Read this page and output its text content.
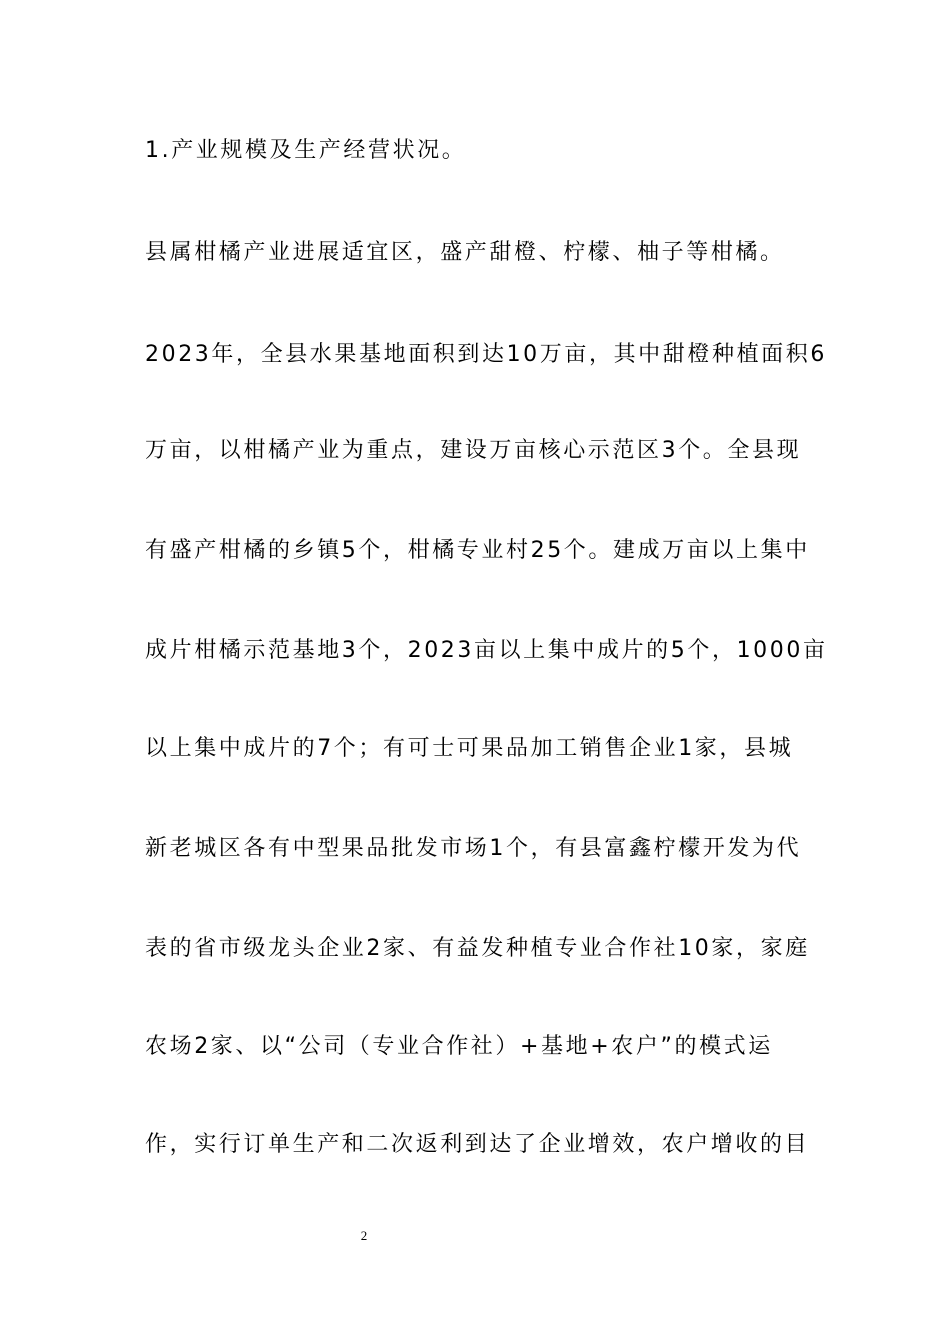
1.产业规模及生产经营状况。
县属柑橘产业进展适宜区，盛产甜橙、柠檬、柚子等柑橘。
2023年，全县水果基地面积到达10万亩，其中甜橙种植面积6
万亩，以柑橘产业为重点，建设万亩核心示范区3个。全县现
有盛产柑橘的乡镇5个，柑橘专业村25个。建成万亩以上集中
成片柑橘示范基地3个，2023亩以上集中成片的5个，1000亩
以上集中成片的7个；有可士可果品加工销售企业1家，县城
新老城区各有中型果品批发市场1个，有县富鑫柠檬开发为代
表的省市级龙头企业2家、有益发种植专业合作社10家，家庭
农场2家、以“公司（专业合作社）+基地+农户”的模式运
作，实行订单生产和二次返利到达了企业增效，农户增收的目
2
